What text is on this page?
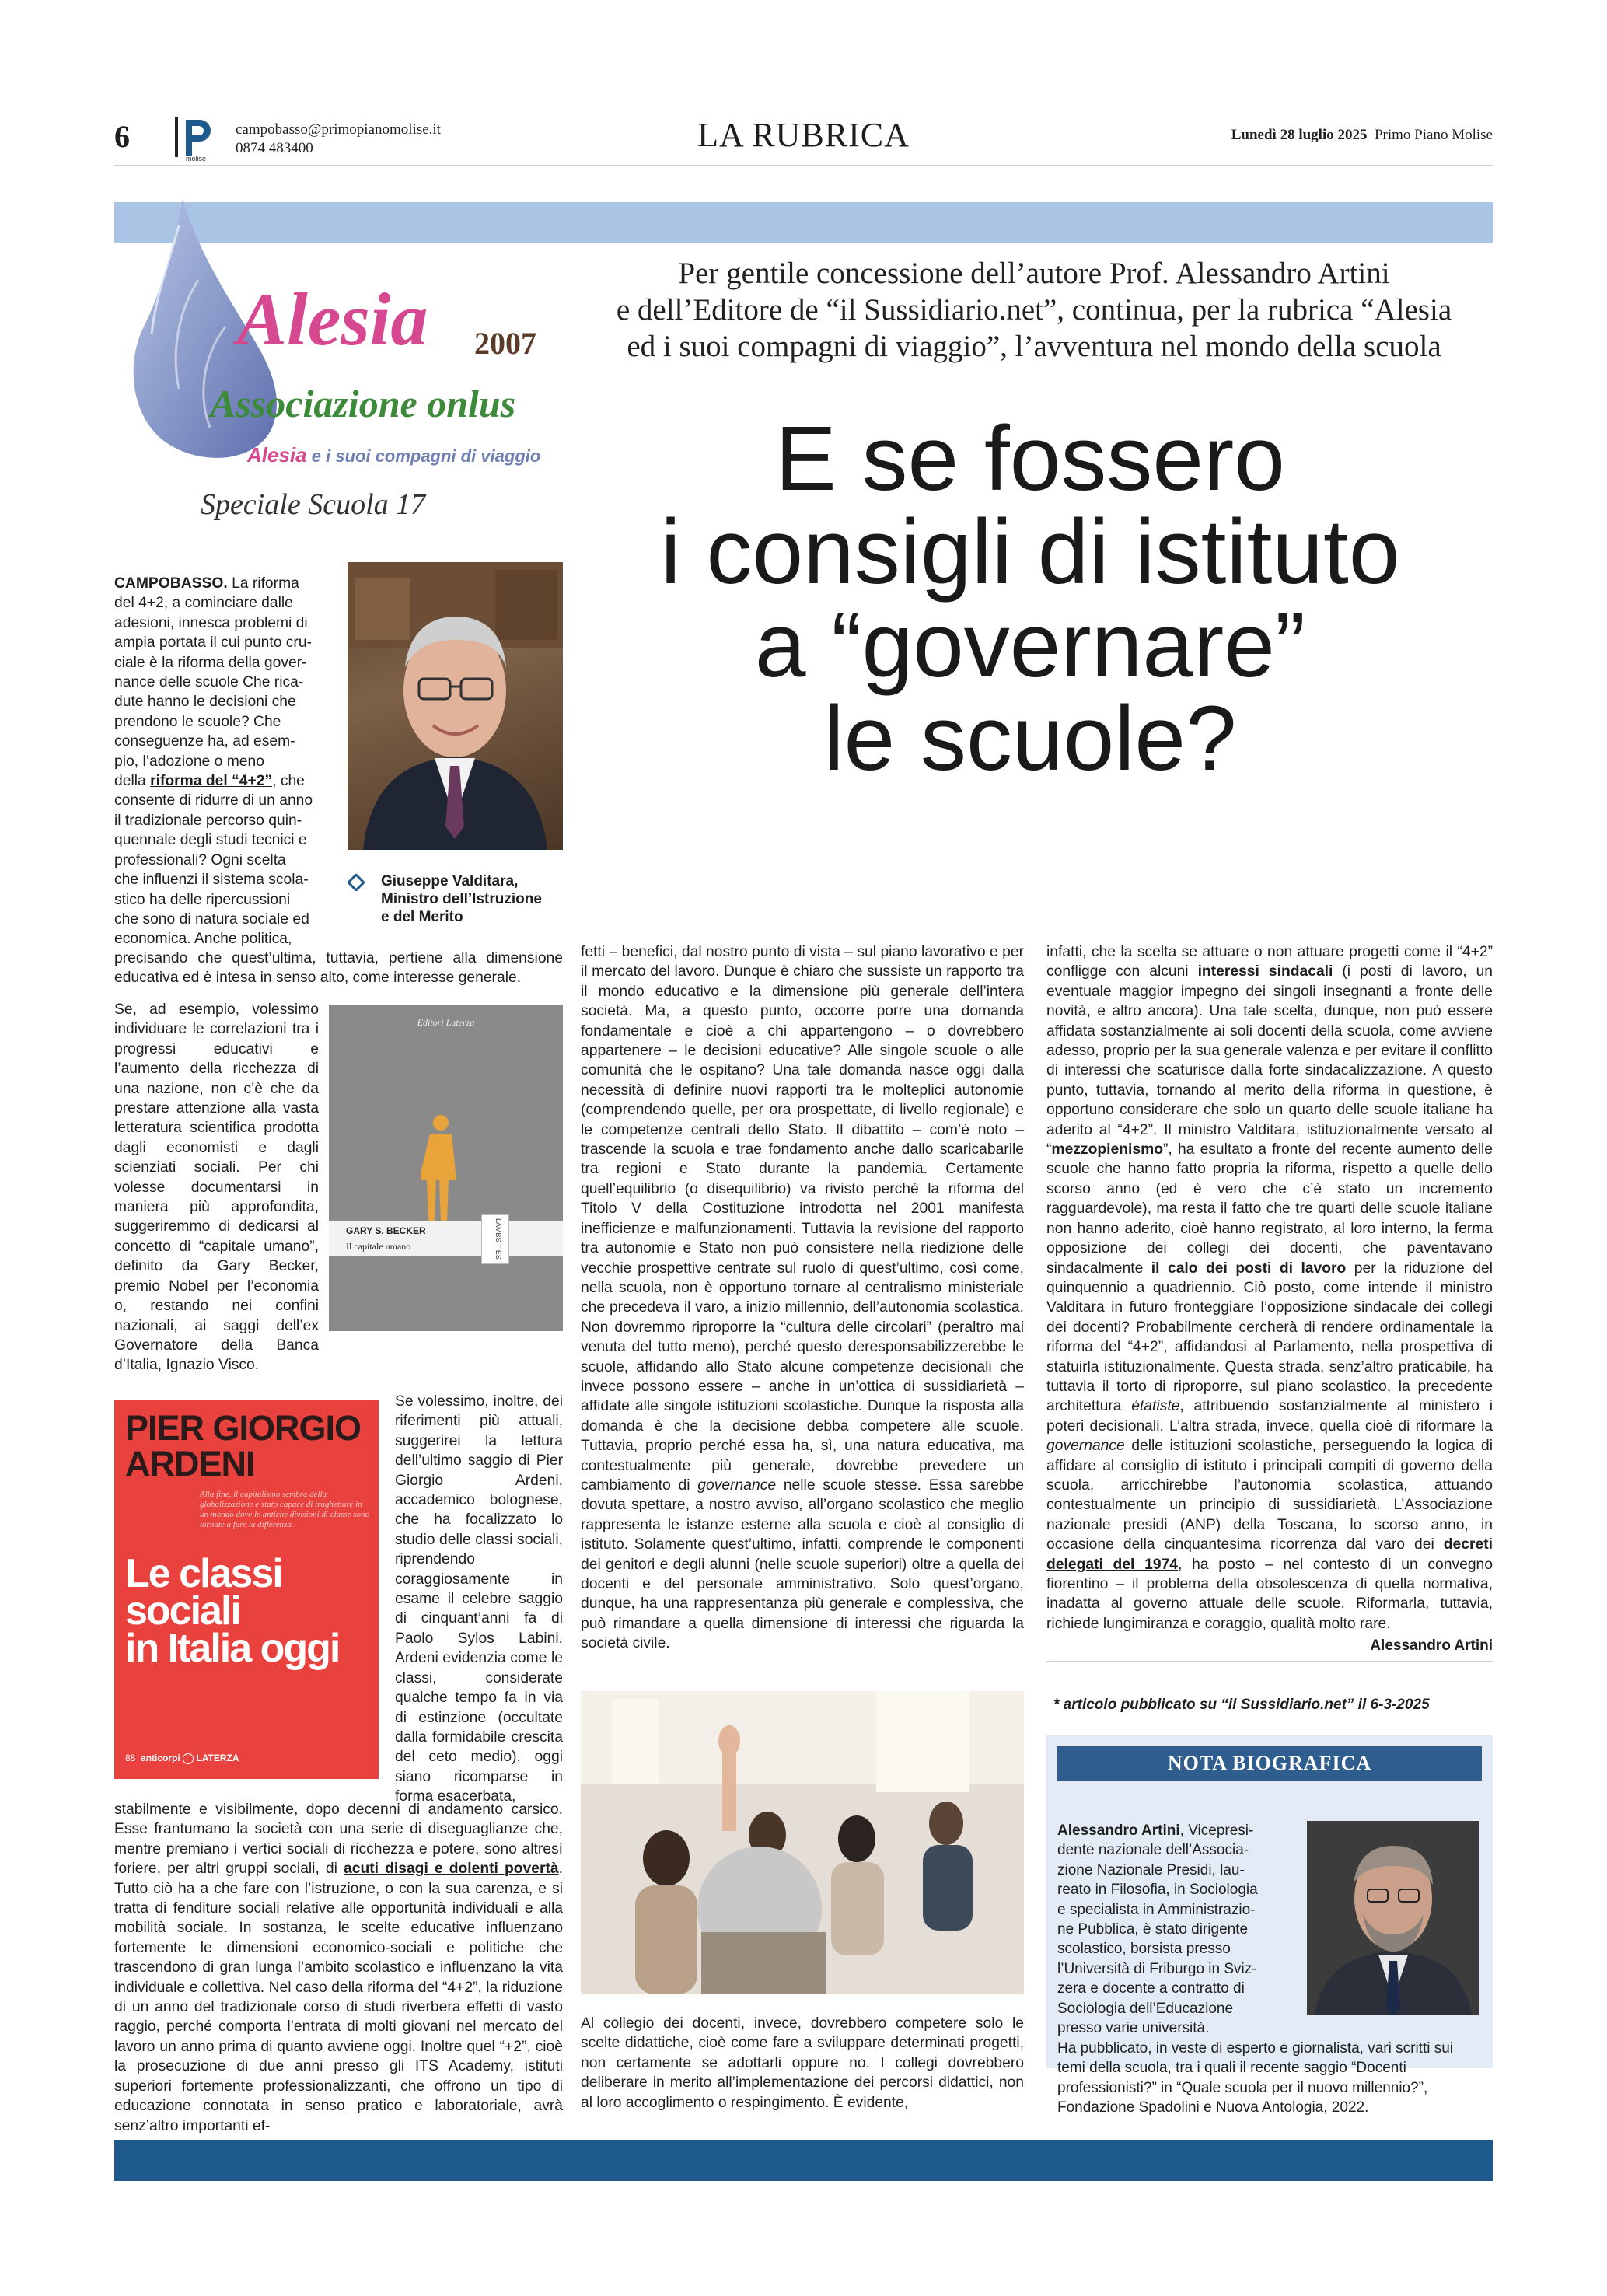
6
molise
campobasso@primopianomolise.it
0874 483400	LA RUBRICA	Lunedì 28 luglio 2025 Primo Piano Molise
Alesia 2007
Associazione onlus
Alesia e i suoi compagni di viaggio
Speciale Scuola 17
Per gentile concessione dell’autore Prof. Alessandro Artini
e dell’Editore de “il Sussidiario.net”, continua, per la rubrica “Alesia
ed i suoi compagni di viaggio”, l’avventura nel mondo della scuola
E se fossero
i consigli di istituto
a “governare”
le scuole?
Giuseppe Valditara,
Ministro dell’Istruzione
e del Merito
CAMPOBASSO. La riforma
del 4+2, a cominciare dalle
adesioni, innesca problemi di
ampia portata il cui punto cru-
ciale è la riforma della gover-
nance delle scuole Che rica-
dute hanno le decisioni che
prendono le scuole? Che
conseguenze ha, ad esem-
pio, l’adozione o meno
della riforma del “4+2”, che
consente di ridurre di un anno
il tradizionale percorso quin-
quennale degli studi tecnici e
professionali? Ogni scelta
che influenzi il sistema scola-
stico ha delle ripercussioni
che sono di natura sociale ed
economica. Anche politica,

precisando che quest’ultima, tuttavia, pertiene alla dimensione educativa ed è intesa in senso alto, come interesse generale.

Editori Laterza
GARY S. BECKER
Il capitale umano	LAMBS TIES

Se, ad esempio, volessimo individuare le correlazioni tra i progressi educativi e l’aumento della ricchezza di una nazione, non c’è che da prestare attenzione alla vasta letteratura scientifica prodotta dagli economisti e dagli scienziati sociali. Per chi volesse documentarsi in maniera più approfondita, suggeriremmo di dedicarsi al concetto di “capitale umano”, definito da Gary Becker, premio Nobel per l’economia o, restando nei confini nazionali, ai saggi dell’ex Governatore della Banca d’Italia, Ignazio Visco.

PIER GIORGIO
ARDENI
Alla fine, il capitalismo sembra della globalizzazione e stato capace di traghettare in un mondo dove le antiche divisioni di classe sono tornate a fare la differenza.
Le classi
sociali
in Italia oggi
88 anticorpi LATERZA

Se volessimo, inoltre, dei riferimenti più attuali, suggerirei la lettura dell’ultimo saggio di Pier Giorgio Ardeni, accademico bolognese, che ha focalizzato lo studio delle classi sociali, riprendendo coraggiosamente in esame il celebre saggio di cinquant’anni fa di Paolo Sylos Labini. Ardeni evidenzia come le classi, considerate qualche tempo fa in via di estinzione (occultate dalla formidabile crescita del ceto medio), oggi siano ricomparse in forma esacerbata,

stabilmente e visibilmente, dopo decenni di andamento carsico. Esse frantumano la società con una serie di diseguaglianze che, mentre premiano i vertici sociali di ricchezza e potere, sono altresì foriere, per altri gruppi sociali, di acuti disagi e dolenti povertà. Tutto ciò ha a che fare con l’istruzione, o con la sua carenza, e si tratta di fenditure sociali relative alle opportunità individuali e alla mobilità sociale. In sostanza, le scelte educative influenzano fortemente le dimensioni economico-sociali e politiche che trascendono di gran lunga l’ambito scolastico e influenzano la vita individuale e collettiva. Nel caso della riforma del “4+2”, la riduzione di un anno del tradizionale corso di studi riverbera effetti di vasto raggio, perché comporta l’entrata di molti giovani nel mercato del lavoro un anno prima di quanto avviene oggi. Inoltre quel “+2”, cioè la prosecuzione di due anni presso gli ITS Academy, istituti superiori fortemente professionalizzanti, che offrono un tipo di educazione connotata in senso pratico e laboratoriale, avrà senz’altro importanti ef-

fetti – benefici, dal nostro punto di vista – sul piano lavorativo e per il mercato del lavoro. Dunque è chiaro che sussiste un rapporto tra il mondo educativo e la dimensione più generale dell’intera società. Ma, a questo punto, occorre porre una domanda fondamentale e cioè a chi appartengono – o dovrebbero appartenere – le decisioni educative? Alle singole scuole o alle comunità che le ospitano? Una tale domanda nasce oggi dalla necessità di definire nuovi rapporti tra le molteplici autonomie (comprendendo quelle, per ora prospettate, di livello regionale) e le competenze centrali dello Stato. Il dibattito – com’è noto – trascende la scuola e trae fondamento anche dallo scaricabarile tra regioni e Stato durante la pandemia. Certamente quell’equilibrio (o disequilibrio) va rivisto perché la riforma del Titolo V della Costituzione introdotta nel 2001 manifesta inefficienze e malfunzionamenti. Tuttavia la revisione del rapporto tra autonomie e Stato non può consistere nella riedizione delle vecchie prospettive centrate sul ruolo di quest’ultimo, così come, nella scuola, non è opportuno tornare al centralismo ministeriale che precedeva il varo, a inizio millennio, dell’autonomia scolastica. Non dovremmo riproporre la “cultura delle circolari” (peraltro mai venuta del tutto meno), perché questo deresponsabilizzerebbe le scuole, affidando allo Stato alcune competenze decisionali che invece possono essere – anche in un’ottica di sussidiarietà – affidate alle singole istituzioni scolastiche. Dunque la risposta alla domanda è che la decisione debba competere alle scuole. Tuttavia, proprio perché essa ha, sì, una natura educativa, ma contestualmente più generale, dovrebbe prevedere un cambiamento di governance nelle scuole stesse. Essa sarebbe dovuta spettare, a nostro avviso, all’organo scolastico che meglio rappresenta le istanze esterne alla scuola e cioè al consiglio di istituto. Solamente quest’ultimo, infatti, comprende le componenti dei genitori e degli alunni (nelle scuole superiori) oltre a quella dei docenti e del personale amministrativo. Solo quest’organo, dunque, ha una rappresentanza più generale e complessiva, che può rimandare a quella dimensione di interessi che riguarda la società civile.

Al collegio dei docenti, invece, dovrebbero competere solo le scelte didattiche, cioè come fare a sviluppare determinati progetti, non certamente se adottarli oppure no. I collegi dovrebbero deliberare in merito all’implementazione dei percorsi didattici, non al loro accoglimento o respingimento. È evidente,

infatti, che la scelta se attuare o non attuare progetti come il “4+2” confligge con alcuni interessi sindacali (i posti di lavoro, un eventuale maggior impegno dei singoli insegnanti a fronte delle novità, e altro ancora). Una tale scelta, dunque, non può essere affidata sostanzialmente ai soli docenti della scuola, come avviene adesso, proprio per la sua generale valenza e per evitare il conflitto di interessi che scaturisce dalla forte sindacalizzazione. A questo punto, tuttavia, tornando al merito della riforma in questione, è opportuno considerare che solo un quarto delle scuole italiane ha aderito al “4+2”. Il ministro Valditara, istituzionalmente versato al “mezzopienismo”, ha esultato a fronte del recente aumento delle scuole che hanno fatto propria la riforma, rispetto a quelle dello scorso anno (ed è vero che c’è stato un incremento ragguardevole), ma resta il fatto che tre quarti delle scuole italiane non hanno aderito, cioè hanno registrato, al loro interno, la ferma opposizione dei collegi dei docenti, che paventavano sindacalmente il calo dei posti di lavoro per la riduzione del quinquennio a quadriennio. Ciò posto, come intende il ministro Valditara in futuro fronteggiare l’opposizione sindacale dei collegi dei docenti? Probabilmente cercherà di rendere ordinamentale la riforma del “4+2”, affidandosi al Parlamento, nella prospettiva di statuirla istituzionalmente. Questa strada, senz’altro praticabile, ha tuttavia il torto di riproporre, sul piano scolastico, la precedente architettura étatiste, attribuendo sostanzialmente al ministero i poteri decisionali. L’altra strada, invece, quella cioè di riformare la governance delle istituzioni scolastiche, perseguendo la logica di affidare al consiglio di istituto i principali compiti di governo della scuola, arricchirebbe l’autonomia scolastica, attuando contestualmente un principio di sussidiarietà. L’Associazione nazionale presidi (ANP) della Toscana, lo scorso anno, in occasione della cinquantesima ricorrenza dal varo dei decreti delegati del 1974, ha posto – nel contesto di un convegno fiorentino – il problema della obsolescenza di quella normativa, inadatta al governo attuale delle scuole. Riformarla, tuttavia, richiede lungimiranza e coraggio, qualità molto rare.

Alessandro Artini
* articolo pubblicato su “il Sussidiario.net” il 6-3-2025
NOTA BIOGRAFICA
Alessandro Artini, Vicepresi-
dente nazionale dell’Associa-
zione Nazionale Presidi, lau-
reato in Filosofia, in Sociologia
e specialista in Amministrazio-
ne Pubblica, è stato dirigente
scolastico, borsista presso
l’Università di Friburgo in Sviz-
zera e docente a contratto di
Sociologia dell’Educazione
presso varie università.
Ha pubblicato, in veste di esperto e giornalista, vari scritti sui temi della scuola, tra i quali il recente saggio “Docenti professionisti?” in “Quale scuola per il nuovo millennio?”, Fondazione Spadolini e Nuova Antologia, 2022.
